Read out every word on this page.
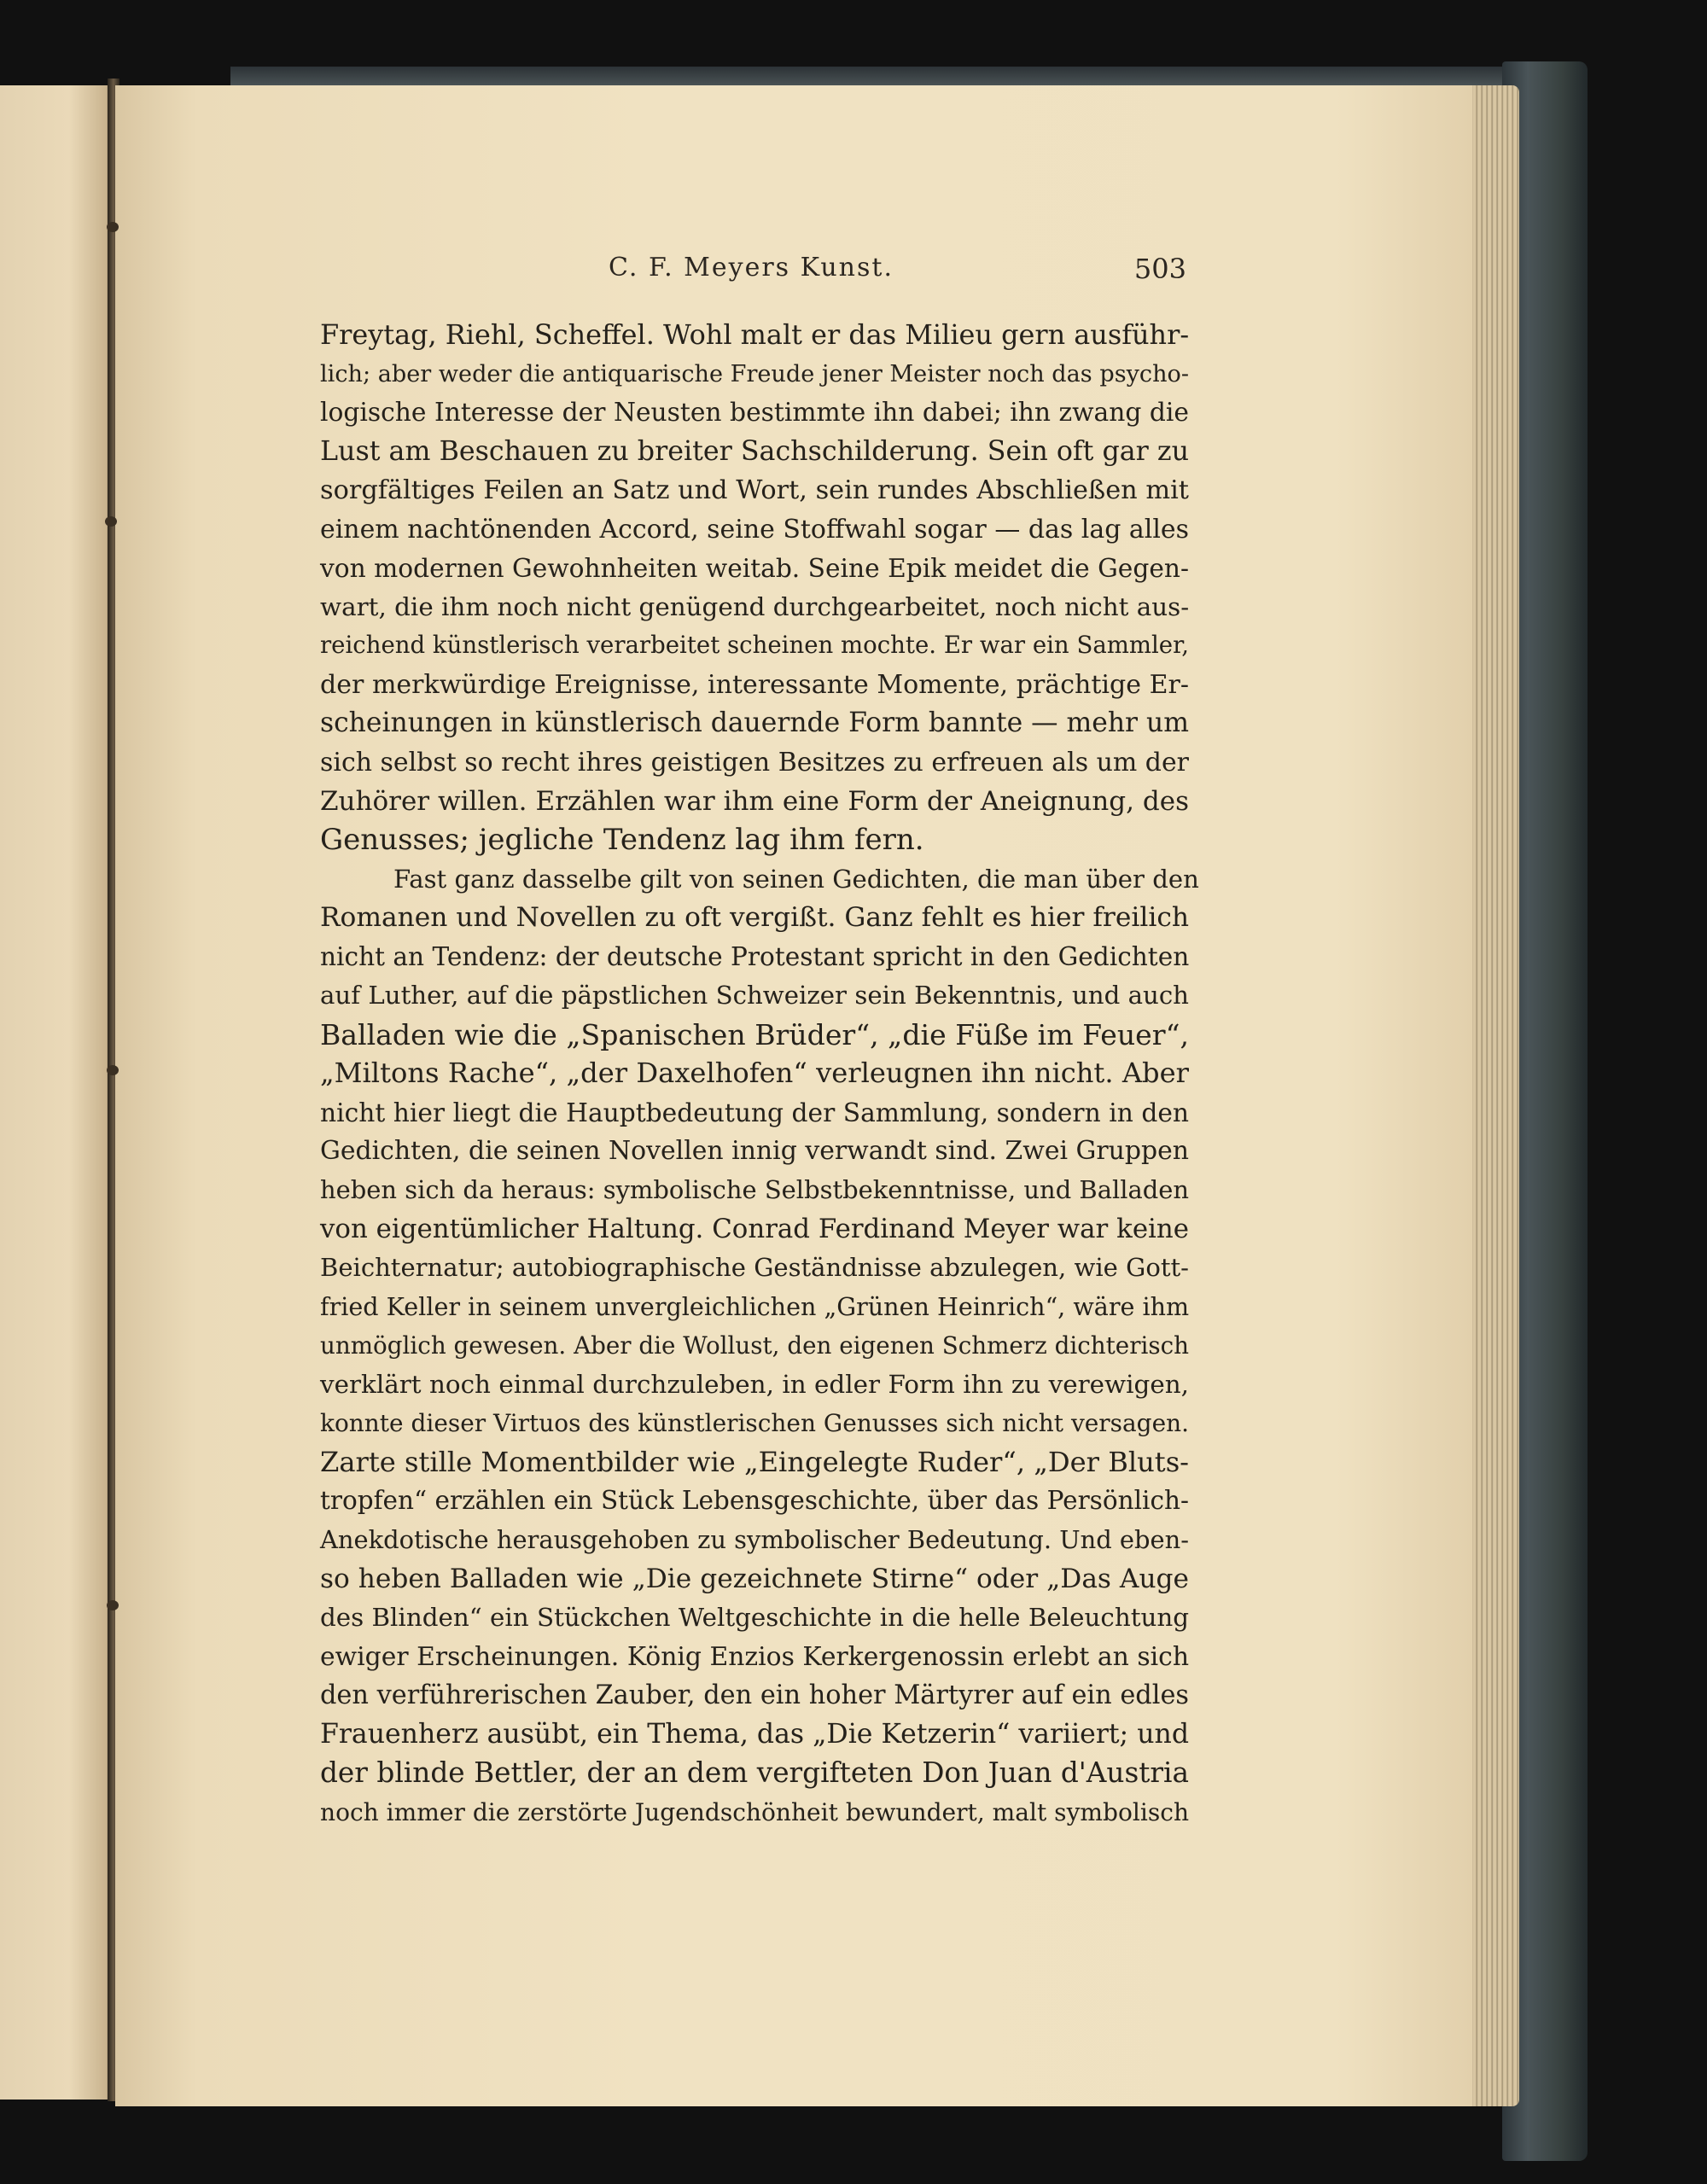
C. F. Meyers Kunst.	503
Freytag, Riehl, Scheffel. Wohl malt er das Milieu gern ausführ-
lich; aber weder die antiquarische Freude jener Meister noch das psycho-
logische Interesse der Neusten bestimmte ihn dabei; ihn zwang die
Lust am Beschauen zu breiter Sachschilderung. Sein oft gar zu
sorgfältiges Feilen an Satz und Wort, sein rundes Abschließen mit
einem nachtönenden Accord, seine Stoffwahl sogar — das lag alles
von modernen Gewohnheiten weitab. Seine Epik meidet die Gegen-
wart, die ihm noch nicht genügend durchgearbeitet, noch nicht aus-
reichend künstlerisch verarbeitet scheinen mochte. Er war ein Sammler,
der merkwürdige Ereignisse, interessante Momente, prächtige Er-
scheinungen in künstlerisch dauernde Form bannte — mehr um
sich selbst so recht ihres geistigen Besitzes zu erfreuen als um der
Zuhörer willen. Erzählen war ihm eine Form der Aneignung, des
Genusses; jegliche Tendenz lag ihm fern.
Fast ganz dasselbe gilt von seinen Gedichten, die man über den
Romanen und Novellen zu oft vergißt. Ganz fehlt es hier freilich
nicht an Tendenz: der deutsche Protestant spricht in den Gedichten
auf Luther, auf die päpstlichen Schweizer sein Bekenntnis, und auch
Balladen wie die „Spanischen Brüder“, „die Füße im Feuer“,
„Miltons Rache“, „der Daxelhofen“ verleugnen ihn nicht. Aber
nicht hier liegt die Hauptbedeutung der Sammlung, sondern in den
Gedichten, die seinen Novellen innig verwandt sind. Zwei Gruppen
heben sich da heraus: symbolische Selbstbekenntnisse, und Balladen
von eigentümlicher Haltung. Conrad Ferdinand Meyer war keine
Beichternatur; autobiographische Geständnisse abzulegen, wie Gott-
fried Keller in seinem unvergleichlichen „Grünen Heinrich“, wäre ihm
unmöglich gewesen. Aber die Wollust, den eigenen Schmerz dichterisch
verklärt noch einmal durchzuleben, in edler Form ihn zu verewigen,
konnte dieser Virtuos des künstlerischen Genusses sich nicht versagen.
Zarte stille Momentbilder wie „Eingelegte Ruder“, „Der Bluts-
tropfen“ erzählen ein Stück Lebensgeschichte, über das Persönlich-
Anekdotische herausgehoben zu symbolischer Bedeutung. Und eben-
so heben Balladen wie „Die gezeichnete Stirne“ oder „Das Auge
des Blinden“ ein Stückchen Weltgeschichte in die helle Beleuchtung
ewiger Erscheinungen. König Enzios Kerkergenossin erlebt an sich
den verführerischen Zauber, den ein hoher Märtyrer auf ein edles
Frauenherz ausübt, ein Thema, das „Die Ketzerin“ variiert; und
der blinde Bettler, der an dem vergifteten Don Juan d'Austria
noch immer die zerstörte Jugendschönheit bewundert, malt symbolisch
